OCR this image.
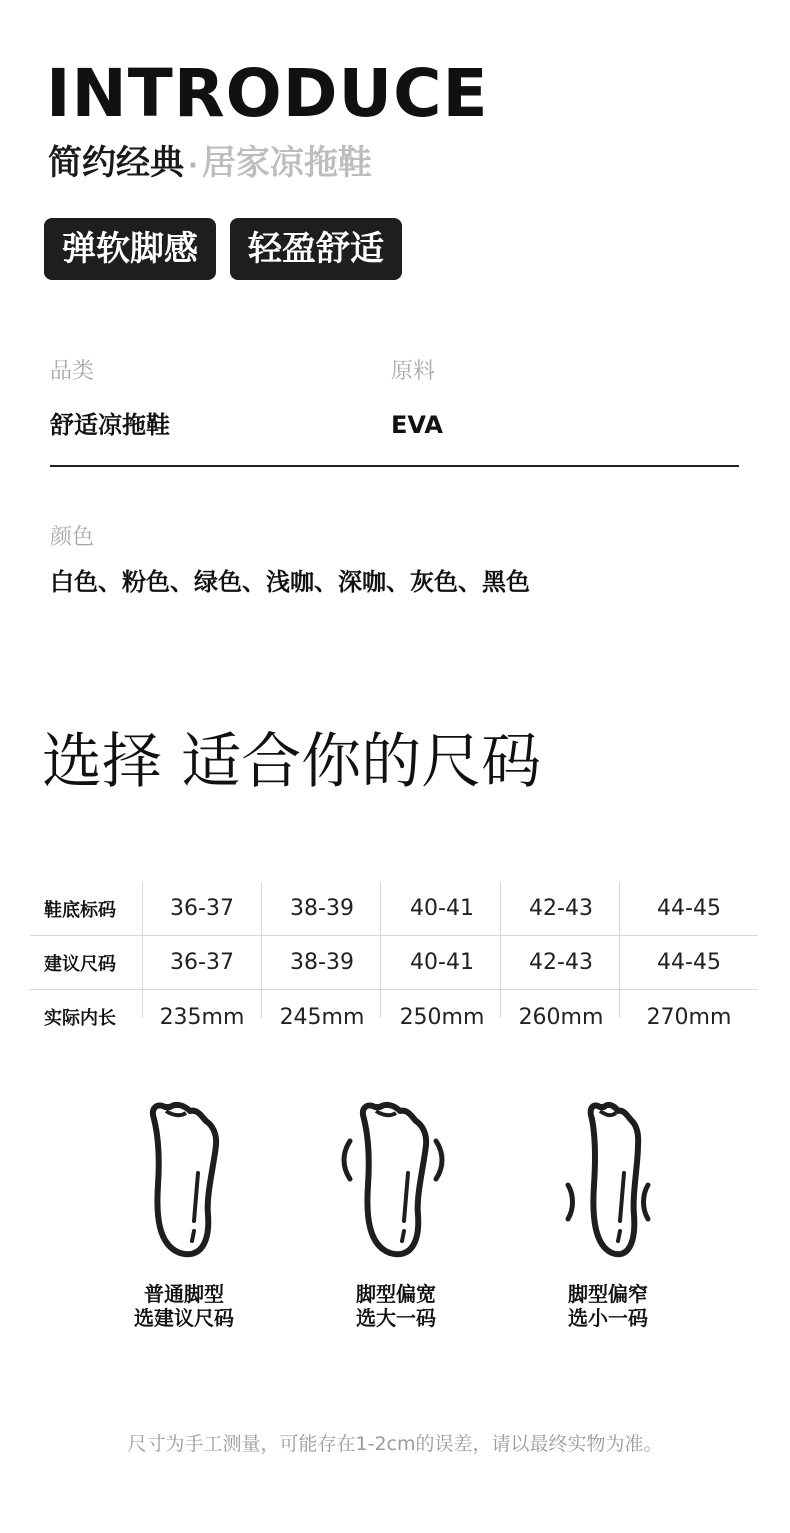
INTRODUCE
简约经典 · 居家凉拖鞋
弹软脚感	轻盈舒适
品类
舒适凉拖鞋
原料
EVA
颜色
白色、粉色、绿色、浅咖、深咖、灰色、黑色
选择 适合你的尺码
鞋底标码	36-37	38-39	40-41	42-43	44-45
建议尺码	36-37	38-39	40-41	42-43	44-45
实际内长	235mm	245mm	250mm	260mm	270mm
普通脚型
选建议尺码
脚型偏宽
选大一码
脚型偏窄
选小一码
尺寸为手工测量，可能存在1-2cm的误差，请以最终实物为准。
